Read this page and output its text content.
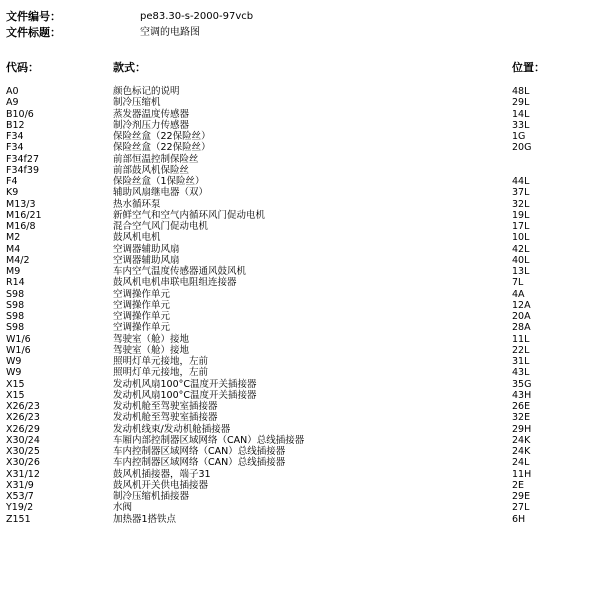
文件编号：	pe83.30-s-2000-97vcb
文件标题：	空调的电路图
代码：	款式：	位置：
A0	颜色标记的说明	48L
A9	制冷压缩机	29L
B10/6	蒸发器温度传感器	14L
B12	制冷剂压力传感器	33L
F34	保险丝盒（22保险丝）	1G
F34	保险丝盒（22保险丝）	20G
F34f27	前部恒温控制保险丝
F34f39	前部鼓风机保险丝
F4	保险丝盒（1保险丝）	44L
K9	辅助风扇继电器（双）	37L
M13/3	热水循环泵	32L
M16/21	新鲜空气和空气内循环风门促动电机	19L
M16/8	混合空气风门促动电机	17L
M2	鼓风机电机	10L
M4	空调器辅助风扇	42L
M4/2	空调器辅助风扇	40L
M9	车内空气温度传感器通风鼓风机	13L
R14	鼓风机电机串联电阻组连接器	7L
S98	空调操作单元	4A
S98	空调操作单元	12A
S98	空调操作单元	20A
S98	空调操作单元	28A
W1/6	驾驶室（舱）接地	11L
W1/6	驾驶室（舱）接地	22L
W9	照明灯单元接地，左前	31L
W9	照明灯单元接地，左前	43L
X15	发动机风扇100°C温度开关插接器	35G
X15	发动机风扇100°C温度开关插接器	43H
X26/23	发动机舱至驾驶室插接器	26E
X26/23	发动机舱至驾驶室插接器	32E
X26/29	发动机线束/发动机舱插接器	29H
X30/24	车厢内部控制器区域网络（CAN）总线插接器	24K
X30/25	车内控制器区域网络（CAN）总线插接器	24K
X30/26	车内控制器区域网络（CAN）总线插接器	24L
X31/12	鼓风机插接器，端子31	11H
X31/9	鼓风机开关供电插接器	2E
X53/7	制冷压缩机插接器	29E
Y19/2	水阀	27L
Z151	加热器1搭铁点	6H
